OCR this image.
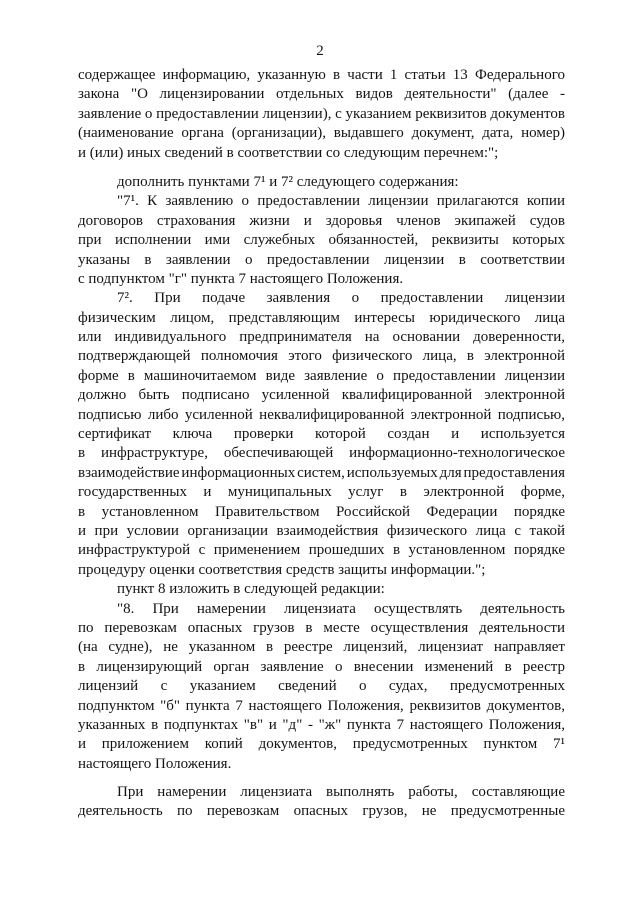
2
содержащее информацию, указанную в части 1 статьи 13 Федерального
закона "О лицензировании отдельных видов деятельности" (далее -
заявление о предоставлении лицензии), с указанием реквизитов документов
(наименование органа (организации), выдавшего документ, дата, номер)
и (или) иных сведений в соответствии со следующим перечнем:";
дополнить пунктами 7¹ и 7² следующего содержания:
"7¹. К заявлению о предоставлении лицензии прилагаются копии
договоров страхования жизни и здоровья членов экипажей судов
при исполнении ими служебных обязанностей, реквизиты которых
указаны в заявлении о предоставлении лицензии в соответствии
с подпунктом "г" пункта 7 настоящего Положения.
7². При подаче заявления о предоставлении лицензии
физическим лицом, представляющим интересы юридического лица
или индивидуального предпринимателя на основании доверенности,
подтверждающей полномочия этого физического лица, в электронной
форме в машиночитаемом виде заявление о предоставлении лицензии
должно быть подписано усиленной квалифицированной электронной
подписью либо усиленной неквалифицированной электронной подписью,
сертификат ключа проверки которой создан и используется
в инфраструктуре, обеспечивающей информационно-технологическое
взаимодействие информационных систем, используемых для предоставления
государственных и муниципальных услуг в электронной форме,
в установленном Правительством Российской Федерации порядке
и при условии организации взаимодействия физического лица с такой
инфраструктурой с применением прошедших в установленном порядке
процедуру оценки соответствия средств защиты информации.";
пункт 8 изложить в следующей редакции:
"8. При намерении лицензиата осуществлять деятельность
по перевозкам опасных грузов в месте осуществления деятельности
(на судне), не указанном в реестре лицензий, лицензиат направляет
в лицензирующий орган заявление о внесении изменений в реестр
лицензий с указанием сведений о судах, предусмотренных
подпунктом "б" пункта 7 настоящего Положения, реквизитов документов,
указанных в подпунктах "в" и "д" - "ж" пункта 7 настоящего Положения,
и приложением копий документов, предусмотренных пунктом 7¹
настоящего Положения.
При намерении лицензиата выполнять работы, составляющие
деятельность по перевозкам опасных грузов, не предусмотренные
